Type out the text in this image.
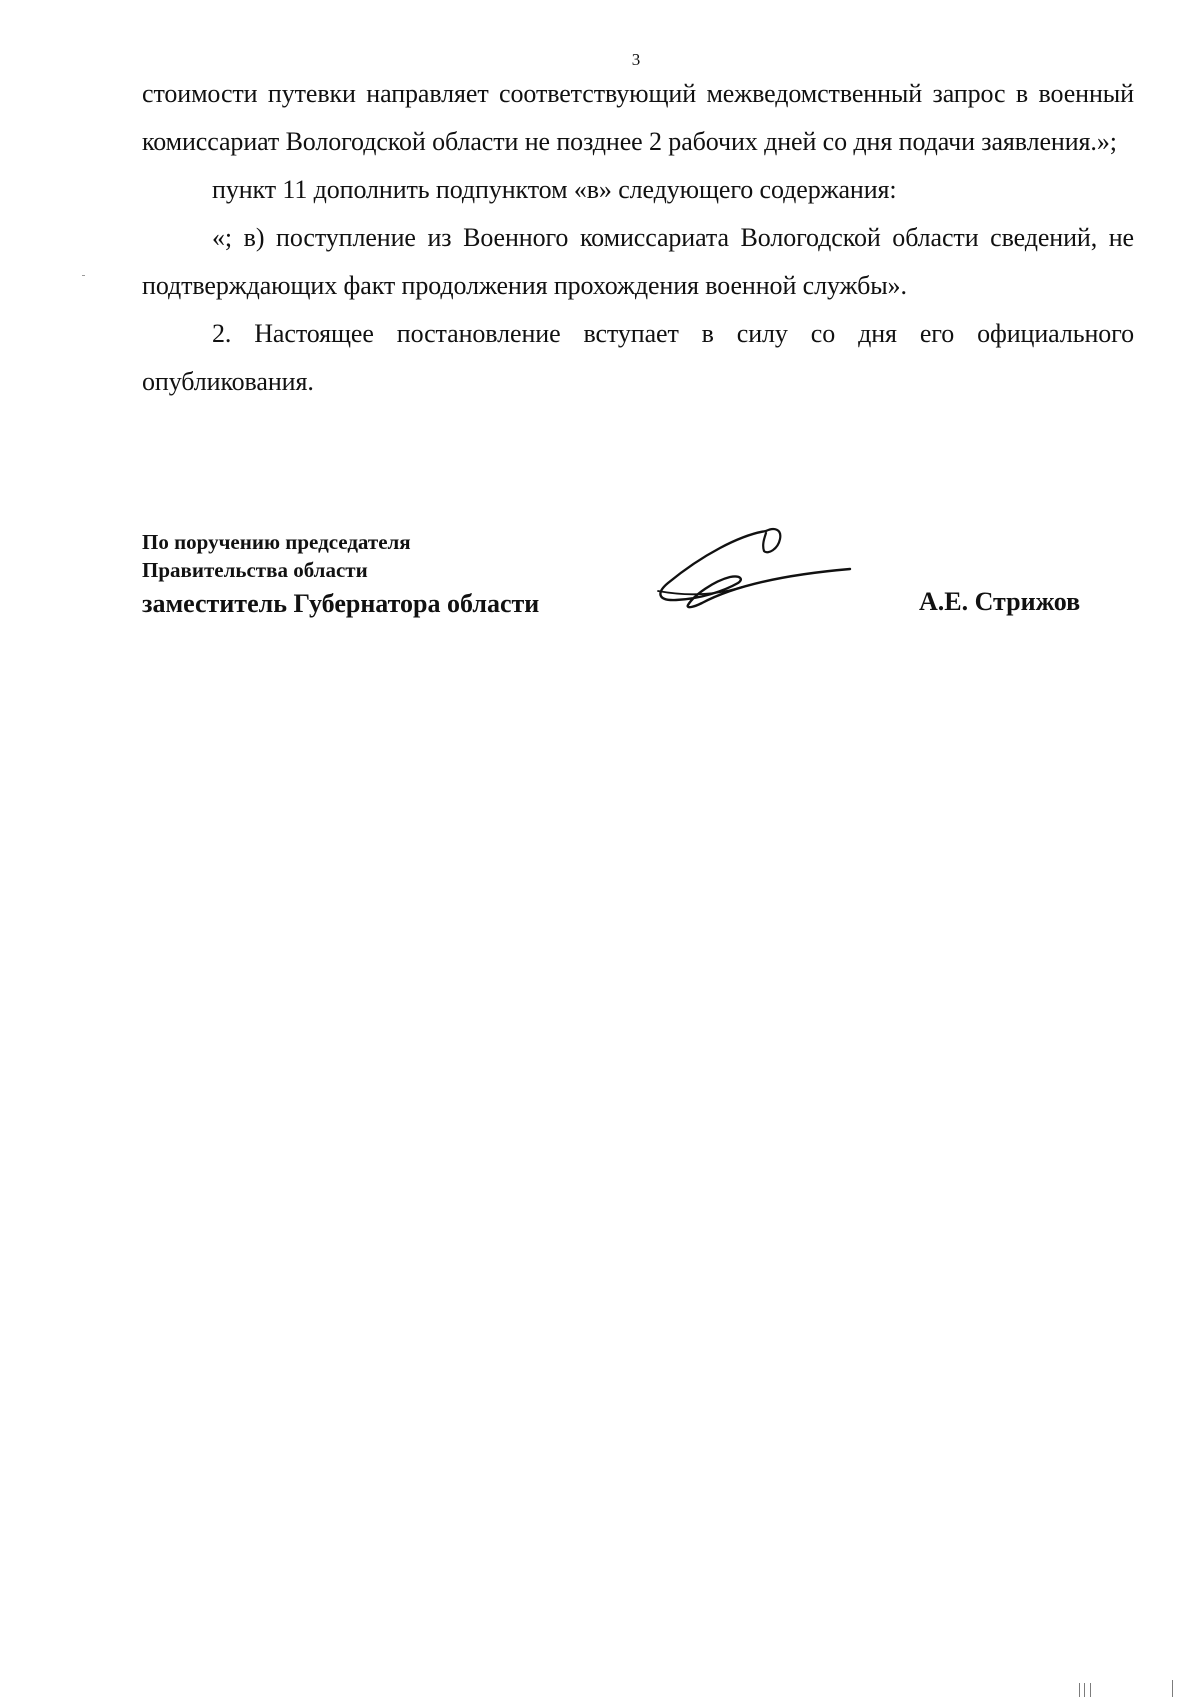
3

стоимости путевки направляет соответствующий межведомственный запрос в военный комиссариат Вологодской области не позднее 2 рабочих дней со дня подачи заявления.»;

пункт 11 дополнить подпунктом «в» следующего содержания:

«; в) поступление из Военного комиссариата Вологодской области сведений, не подтверждающих факт продолжения прохождения военной службы».

2. Настоящее постановление вступает в силу со дня его официального опубликования.

По поручению председателя
Правительства области
заместитель Губернатора области	А.Е. Стрижов
